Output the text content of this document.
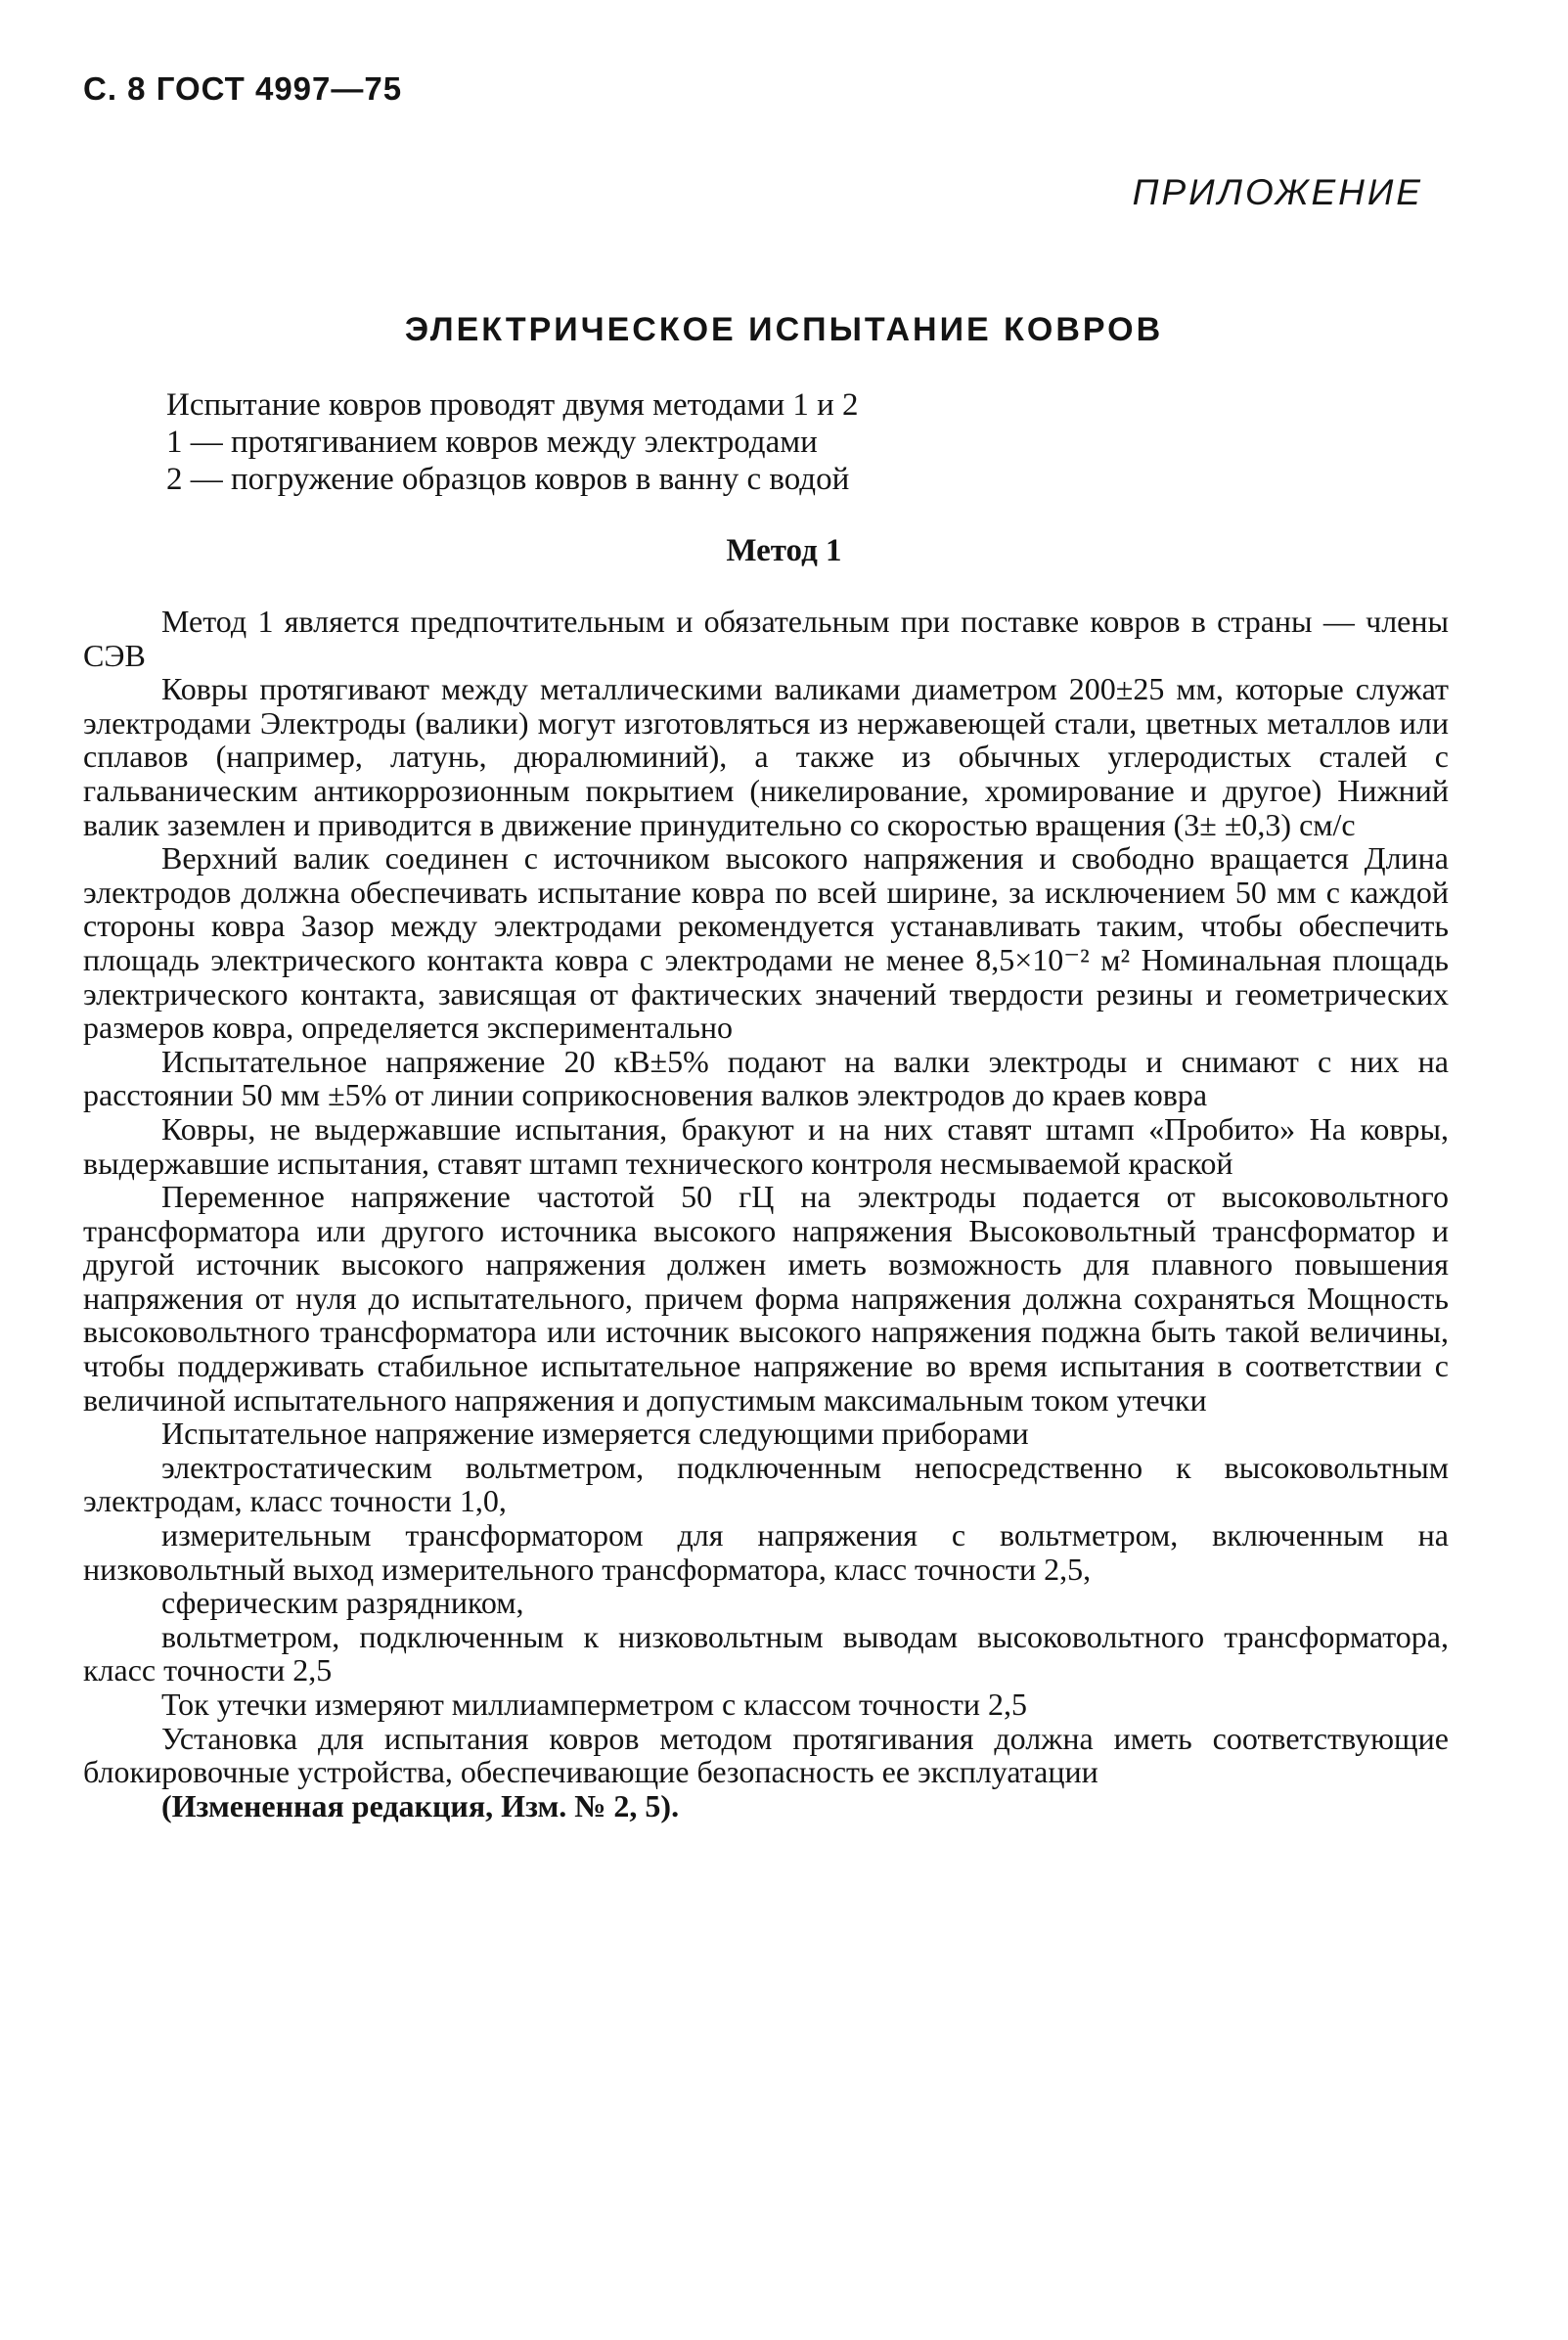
С. 8 ГОСТ 4997—75
ПРИЛОЖЕНИЕ
ЭЛЕКТРИЧЕСКОЕ ИСПЫТАНИЕ КОВРОВ
Испытание ковров проводят двумя методами 1 и 2
1 — протягиванием ковров между электродами
2 — погружение образцов ковров в ванну с водой
Метод 1

Метод 1 является предпочтительным и обязательным при поставке ковров в страны — члены СЭВ

Ковры протягивают между металлическими валиками диаметром 200±25 мм, которые служат электродами Электроды (валики) могут изготовляться из нержавеющей стали, цветных металлов или сплавов (например, латунь, дюралюминий), а также из обычных углеродистых сталей с гальваническим антикоррозионным покрытием (никелирование, хромирование и другое) Нижний валик заземлен и приводится в движение принудительно со скоростью вращения (3± ±0,3) см/с

Верхний валик соединен с источником высокого напряжения и свободно вращается Длина электродов должна обеспечивать испытание ковра по всей ширине, за исключением 50 мм с каждой стороны ковра Зазор между электродами рекомендуется устанавливать таким, чтобы обеспечить площадь электрического контакта ковра с электродами не менее 8,5×10⁻² м² Номинальная площадь электрического контакта, зависящая от фактических значений твердости резины и геометрических размеров ковра, определяется экспериментально

Испытательное напряжение 20 кВ±5% подают на валки электроды и снимают с них на расстоянии 50 мм ±5% от линии соприкосновения валков электродов до краев ковра

Ковры, не выдержавшие испытания, бракуют и на них ставят штамп «Пробито» На ковры, выдержавшие испытания, ставят штамп технического контроля несмываемой краской

Переменное напряжение частотой 50 гЦ на электроды подается от высоковольтного трансформатора или другого источника высокого напряжения Высоковольтный трансформатор и другой источник высокого напряжения должен иметь возможность для плавного повышения напряжения от нуля до испытательного, причем форма напряжения должна сохраняться Мощность высоковольтного трансформатора или источник высокого напряжения поджна быть такой величины, чтобы поддерживать стабильное испытательное напряжение во время испытания в соответствии с величиной испытательного напряжения и допустимым максимальным током утечки

Испытательное напряжение измеряется следующими приборами

электростатическим вольтметром, подключенным непосредственно к высоковольтным электродам, класс точности 1,0,

измерительным трансформатором для напряжения с вольтметром, включенным на низковольтный выход измерительного трансформатора, класс точности 2,5,

сферическим разрядником,

вольтметром, подключенным к низковольтным выводам высоковольтного трансформатора, класс точности 2,5

Ток утечки измеряют миллиамперметром с классом точности 2,5

Установка для испытания ковров методом протягивания должна иметь соответствующие блокировочные устройства, обеспечивающие безопасность ее эксплуатации

(Измененная редакция, Изм. № 2, 5).
